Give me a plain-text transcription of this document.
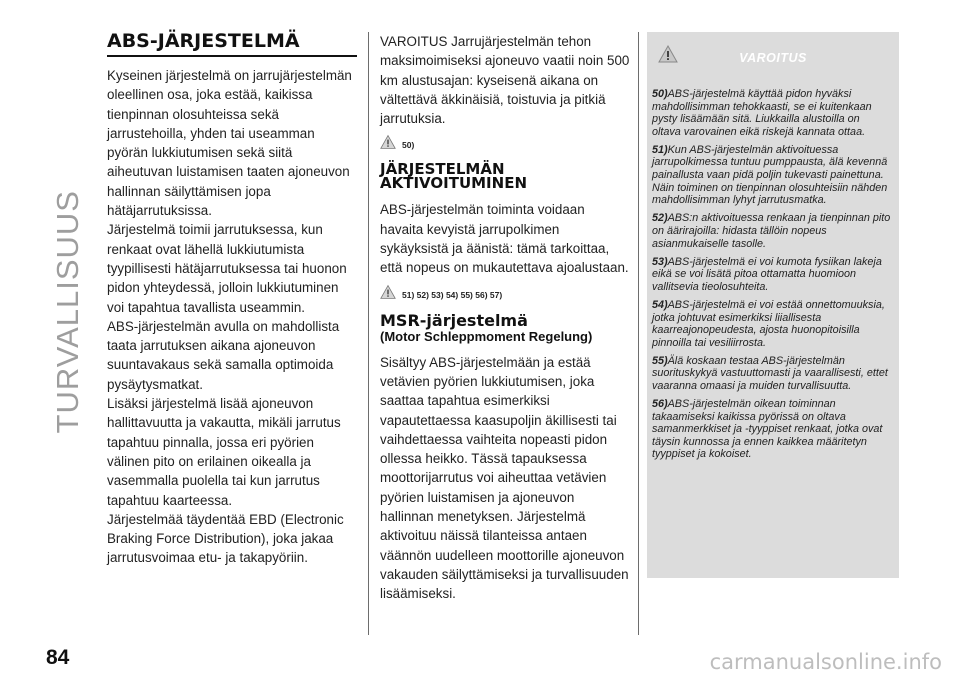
TURVALLISUUS
ABS-JÄRJESTELMÄ

Kyseinen järjestelmä on jarrujärjestelmän oleellinen osa, joka estää, kaikissa tienpinnan olosuhteissa sekä jarrustehoilla, yhden tai useamman pyörän lukkiutumisen sekä siitä aiheutuvan luistamisen taaten ajoneuvon hallinnan säilyttämisen jopa hätäjarrutuksissa.

Järjestelmä toimii jarrutuksessa, kun renkaat ovat lähellä lukkiutumista tyypillisesti hätäjarrutuksessa tai huonon pidon yhteydessä, jolloin lukkiutuminen voi tapahtua tavallista useammin.

ABS-järjestelmän avulla on mahdollista taata jarrutuksen aikana ajoneuvon suuntavakaus sekä samalla optimoida pysäytysmatkat.

Lisäksi järjestelmä lisää ajoneuvon hallittavuutta ja vakautta, mikäli jarrutus tapahtuu pinnalla, jossa eri pyörien välinen pito on erilainen oikealla ja vasemmalla puolella tai kun jarrutus tapahtuu kaarteessa.

Järjestelmää täydentää EBD (Electronic Braking Force Distribution), joka jakaa jarrutusvoimaa etu- ja takapyöriin.

VAROITUS Jarrujärjestelmän tehon maksimoimiseksi ajoneuvo vaatii noin 500 km alustusajan: kyseisenä aikana on vältettävä äkkinäisiä, toistuvia ja pitkiä jarrutuksia.

50)
JÄRJESTELMÄN AKTIVOITUMINEN

ABS-järjestelmän toiminta voidaan havaita kevyistä jarrupolkimen sykäyksistä ja äänistä: tämä tarkoittaa, että nopeus on mukautettava ajoalustaan.

51) 52) 53) 54) 55) 56) 57)
MSR-järjestelmä
(Motor Schleppmoment Regelung)

Sisältyy ABS-järjestelmään ja estää vetävien pyörien lukkiutumisen, joka saattaa tapahtua esimerkiksi vapautettaessa kaasupoljin äkillisesti tai vaihdettaessa vaihteita nopeasti pidon ollessa heikko. Tässä tapauksessa moottorijarrutus voi aiheuttaa vetävien pyörien luistamisen ja ajoneuvon hallinnan menetyksen. Järjestelmä aktivoituu näissä tilanteissa antaen väännön uudelleen moottorille ajoneuvon vakauden säilyttämiseksi ja turvallisuuden lisäämiseksi.

VAROITUS

50)ABS-järjestelmä käyttää pidon hyväksi mahdollisimman tehokkaasti, se ei kuitenkaan pysty lisäämään sitä. Liukkailla alustoilla on oltava varovainen eikä riskejä kannata ottaa.

51)Kun ABS-järjestelmän aktivoituessa jarrupolkimessa tuntuu pumppausta, älä kevennä painallusta vaan pidä poljin tukevasti painettuna. Näin toiminen on tienpinnan olosuhteisiin nähden mahdollisimman lyhyt jarrutusmatka.

52)ABS:n aktivoituessa renkaan ja tienpinnan pito on äärirajoilla: hidasta tällöin nopeus asianmukaiselle tasolle.

53)ABS-järjestelmä ei voi kumota fysiikan lakeja eikä se voi lisätä pitoa ottamatta huomioon vallitsevia tieolosuhteita.

54)ABS-järjestelmä ei voi estää onnettomuuksia, jotka johtuvat esimerkiksi liiallisesta kaarreajonopeudesta, ajosta huonopitoisilla pinnoilla tai vesiliirrosta.

55)Älä koskaan testaa ABS-järjestelmän suorituskykyä vastuuttomasti ja vaarallisesti, ettet vaaranna omaasi ja muiden turvallisuutta.

56)ABS-järjestelmän oikean toiminnan takaamiseksi kaikissa pyörissä on oltava samanmerkkiset ja -tyyppiset renkaat, jotka ovat täysin kunnossa ja ennen kaikkea määritetyn tyyppiset ja kokoiset.

84	carmanualsonline.info
